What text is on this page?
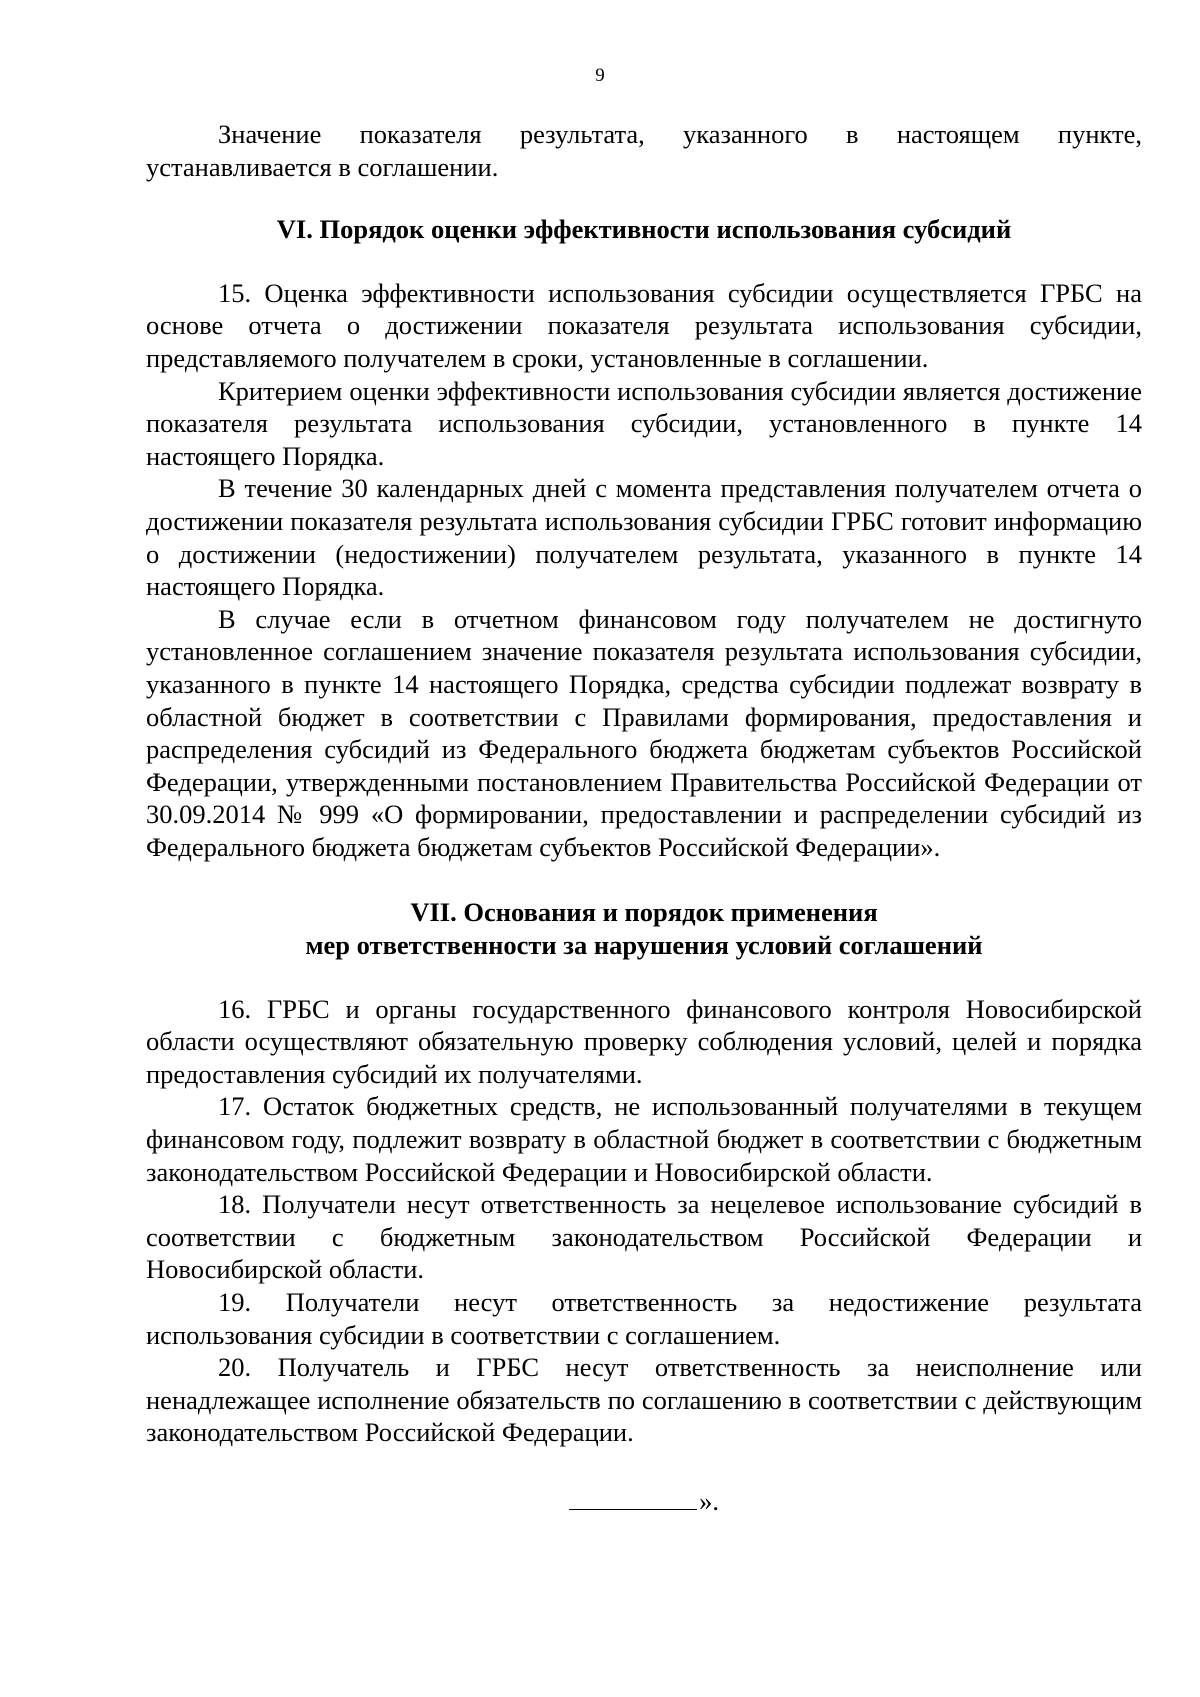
9

Значение показателя результата, указанного в настоящем пункте, устанавливается в соглашении.

VI. Порядок оценки эффективности использования субсидий

15. Оценка эффективности использования субсидии осуществляется ГРБС на основе отчета о достижении показателя результата использования субсидии, представляемого получателем в сроки, установленные в соглашении.

Критерием оценки эффективности использования субсидии является достижение показателя результата использования субсидии, установленного в пункте 14 настоящего Порядка.

В течение 30 календарных дней с момента представления получателем отчета о достижении показателя результата использования субсидии ГРБС готовит информацию о достижении (недостижении) получателем результата, указанного в пункте 14 настоящего Порядка.

В случае если в отчетном финансовом году получателем не достигнуто установленное соглашением значение показателя результата использования субсидии, указанного в пункте 14 настоящего Порядка, средства субсидии подлежат возврату в областной бюджет в соответствии с Правилами формирования, предоставления и распределения субсидий из Федерального бюджета бюджетам субъектов Российской Федерации, утвержденными постановлением Правительства Российской Федерации от 30.09.2014 № 999 «О формировании, предоставлении и распределении субсидий из Федерального бюджета бюджетам субъектов Российской Федерации».

VII. Основания и порядок применения
мер ответственности за нарушения условий соглашений

16. ГРБС и органы государственного финансового контроля Новосибирской области осуществляют обязательную проверку соблюдения условий, целей и порядка предоставления субсидий их получателями.

17. Остаток бюджетных средств, не использованный получателями в текущем финансовом году, подлежит возврату в областной бюджет в соответствии с бюджетным законодательством Российской Федерации и Новосибирской области.

18. Получатели несут ответственность за нецелевое использование субсидий в соответствии с бюджетным законодательством Российской Федерации и Новосибирской области.

19. Получатели несут ответственность за недостижение результата использования субсидии в соответствии с соглашением.

20. Получатель и ГРБС несут ответственность за неисполнение или ненадлежащее исполнение обязательств по соглашению в соответствии с действующим законодательством Российской Федерации.

».
